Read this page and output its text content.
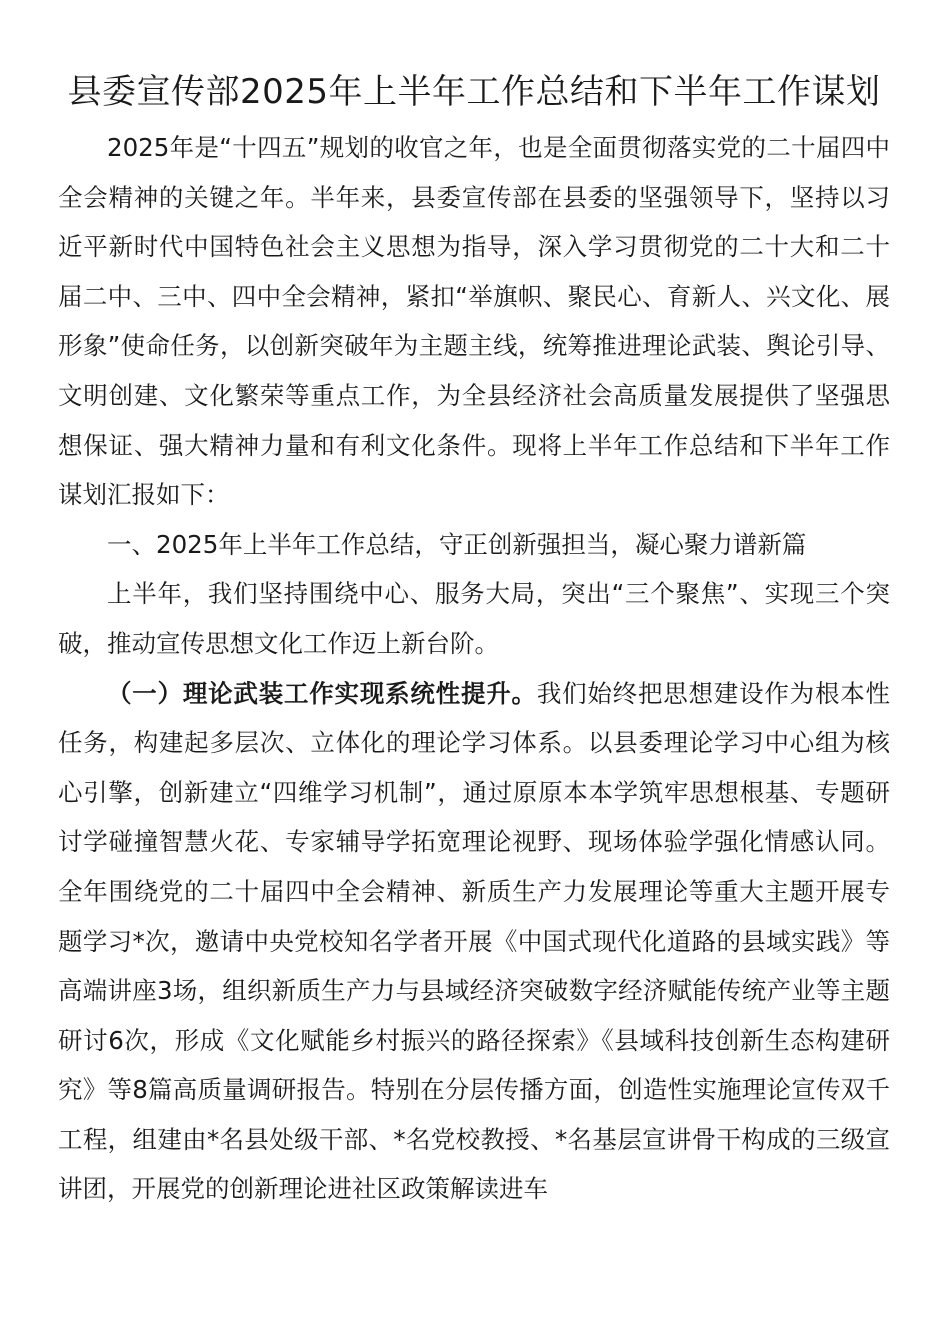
县委宣传部2025年上半年工作总结和下半年工作谋划

2025年是“十四五”规划的收官之年，也是全面贯彻落实党的二十届四中全会精神的关键之年。半年来，县委宣传部在县委的坚强领导下，坚持以习近平新时代中国特色社会主义思想为指导，深入学习贯彻党的二十大和二十届二中、三中、四中全会精神，紧扣“举旗帜、聚民心、育新人、兴文化、展形象”使命任务，以创新突破年为主题主线，统筹推进理论武装、舆论引导、文明创建、文化繁荣等重点工作，为全县经济社会高质量发展提供了坚强思想保证、强大精神力量和有利文化条件。现将上半年工作总结和下半年工作谋划汇报如下：

一、2025年上半年工作总结，守正创新强担当，凝心聚力谱新篇

上半年，我们坚持围绕中心、服务大局，突出“三个聚焦”、实现三个突破，推动宣传思想文化工作迈上新台阶。

（一）理论武装工作实现系统性提升。我们始终把思想建设作为根本性任务，构建起多层次、立体化的理论学习体系。以县委理论学习中心组为核心引擎，创新建立“四维学习机制”，通过原原本本学筑牢思想根基、专题研讨学碰撞智慧火花、专家辅导学拓宽理论视野、现场体验学强化情感认同。全年围绕党的二十届四中全会精神、新质生产力发展理论等重大主题开展专题学习*次，邀请中央党校知名学者开展《中国式现代化道路的县域实践》等高端讲座3场，组织新质生产力与县域经济突破数字经济赋能传统产业等主题研讨6次，形成《文化赋能乡村振兴的路径探索》《县域科技创新生态构建研究》等8篇高质量调研报告。特别在分层传播方面，创造性实施理论宣传双千工程，组建由*名县处级干部、*名党校教授、*名基层宣讲骨干构成的三级宣讲团，开展党的创新理论进社区政策解读进车
